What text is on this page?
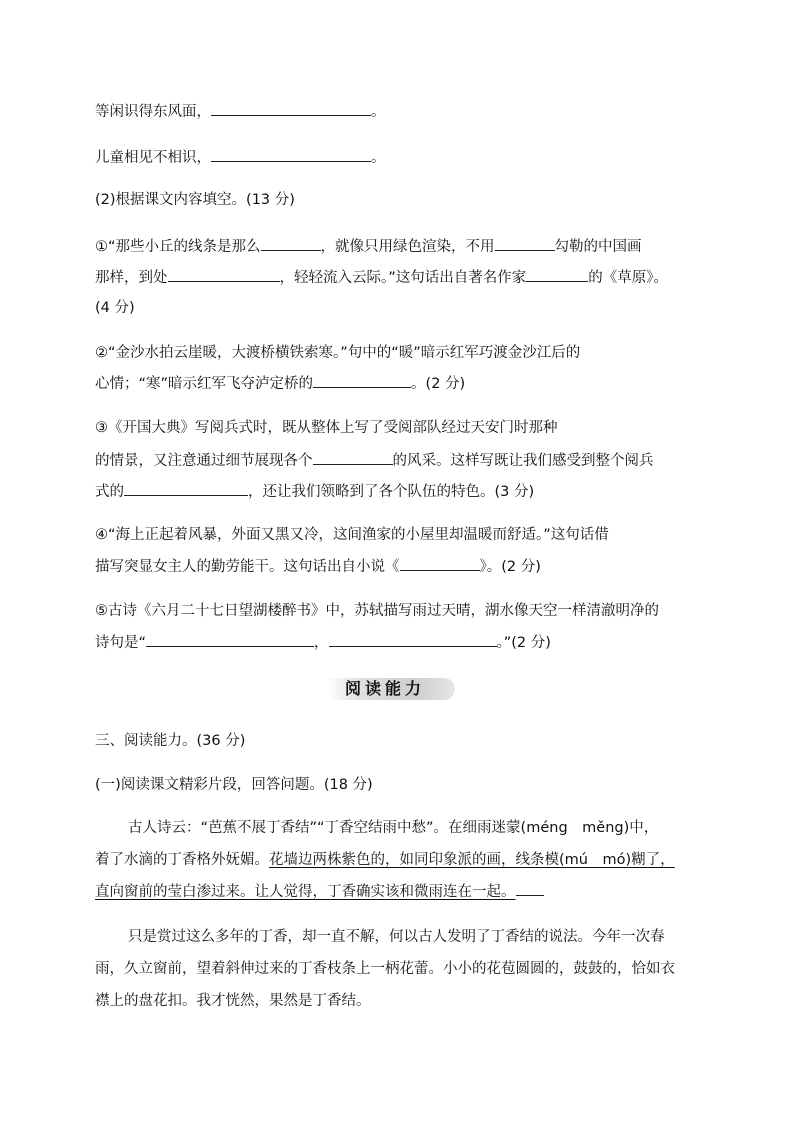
等闲识得东风面，	。
儿童相见不相识，	。
(2)根据课文内容填空。(13 分)
①“那些小丘的线条是那么	，就像只用绿色渲染，不用	勾勒的中国画
那样，到处	，轻轻流入云际。”这句话出自著名作家	的《草原》。
(4 分)
②“金沙水拍云崖暖，大渡桥横铁索寒。”句中的“暖”暗示红军巧渡金沙江后的
心情；“寒”暗示红军飞夺泸定桥的	。(2 分)
③《开国大典》写阅兵式时，既从整体上写了受阅部队经过天安门时那种
的情景，又注意通过细节展现各个	的风采。这样写既让我们感受到整个阅兵
式的	，还让我们领略到了各个队伍的特色。(3 分)
④“海上正起着风暴，外面又黑又冷，这间渔家的小屋里却温暖而舒适。”这句话借
描写突显女主人的勤劳能干。这句话出自小说《	》。(2 分)
⑤古诗《六月二十七日望湖楼醉书》中，苏轼描写雨过天晴，湖水像天空一样清澈明净的
诗句是“	，	。”(2 分)
阅读能力
三、阅读能力。(36 分)
(一)阅读课文精彩片段，回答问题。(18 分)
古人诗云：“芭蕉不展丁香结”“丁香空结雨中愁”。在细雨迷蒙(méng　měng)中，
着了水滴的丁香格外妩媚。花墙边两株紫色的，如同印象派的画，线条模(mú　mó)糊了，
直向窗前的莹白渗过来。让人觉得，丁香确实该和微雨连在一起。
只是赏过这么多年的丁香，却一直不解，何以古人发明了丁香结的说法。今年一次春
雨，久立窗前，望着斜伸过来的丁香枝条上一柄花蕾。小小的花苞圆圆的，鼓鼓的，恰如衣
襟上的盘花扣。我才恍然，果然是丁香结。
